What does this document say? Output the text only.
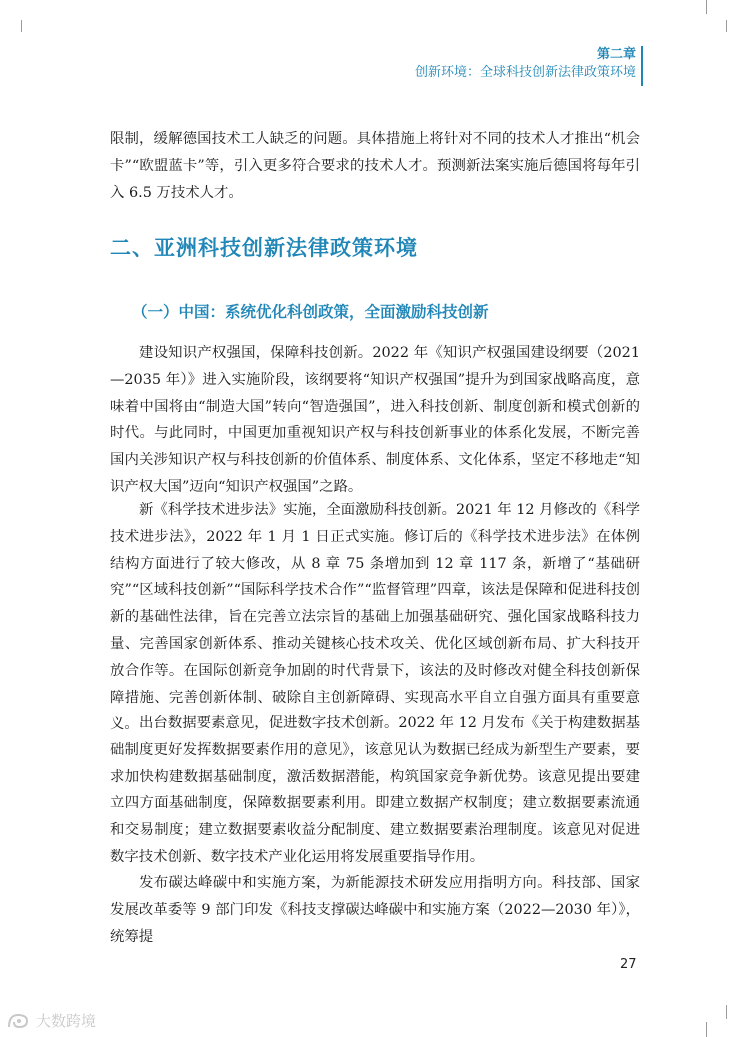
第二章
创新环境：全球科技创新法律政策环境

限制，缓解德国技术工人缺乏的问题。具体措施上将针对不同的技术人才推出“机会卡”“欧盟蓝卡”等，引入更多符合要求的技术人才。预测新法案实施后德国将每年引入 6.5 万技术人才。

二、亚洲科技创新法律政策环境
（一）中国：系统优化科创政策，全面激励科技创新

建设知识产权强国，保障科技创新。2022 年《知识产权强国建设纲要（2021—2035 年）》进入实施阶段，该纲要将“知识产权强国”提升为到国家战略高度，意味着中国将由“制造大国”转向“智造强国”，进入科技创新、制度创新和模式创新的时代。与此同时，中国更加重视知识产权与科技创新事业的体系化发展，不断完善国内关涉知识产权与科技创新的价值体系、制度体系、文化体系，坚定不移地走“知识产权大国”迈向“知识产权强国”之路。

新《科学技术进步法》实施，全面激励科技创新。2021 年 12 月修改的《科学技术进步法》，2022 年 1 月 1 日正式实施。修订后的《科学技术进步法》在体例结构方面进行了较大修改，从 8 章 75 条增加到 12 章 117 条，新增了“基础研究”“区域科技创新”“国际科学技术合作”“监督管理”四章，该法是保障和促进科技创新的基础性法律，旨在完善立法宗旨的基础上加强基础研究、强化国家战略科技力量、完善国家创新体系、推动关键核心技术攻关、优化区域创新布局、扩大科技开放合作等。在国际创新竞争加剧的时代背景下，该法的及时修改对健全科技创新保障措施、完善创新体制、破除自主创新障碍、实现高水平自立自强方面具有重要意义。 出台数据要素意见，促进数字技术创新。2022 年 12 月发布《关于构建数据基础制度更好发挥数据要素作用的意见》，该意见认为数据已经成为新型生产要素，要求加快构建数据基础制度，激活数据潜能，构筑国家竞争新优势。该意见提出要建立四方面基础制度，保障数据要素利用。即建立数据产权制度；建立数据要素流通和交易制度；建立数据要素收益分配制度、建立数据要素治理制度。该意见对促进数字技术创新、数字技术产业化运用将发展重要指导作用。

发布碳达峰碳中和实施方案，为新能源技术研发应用指明方向。科技部、国家发展改革委等 9 部门印发《科技支撑碳达峰碳中和实施方案（2022—2030 年）》，统筹提

27
大数跨境
